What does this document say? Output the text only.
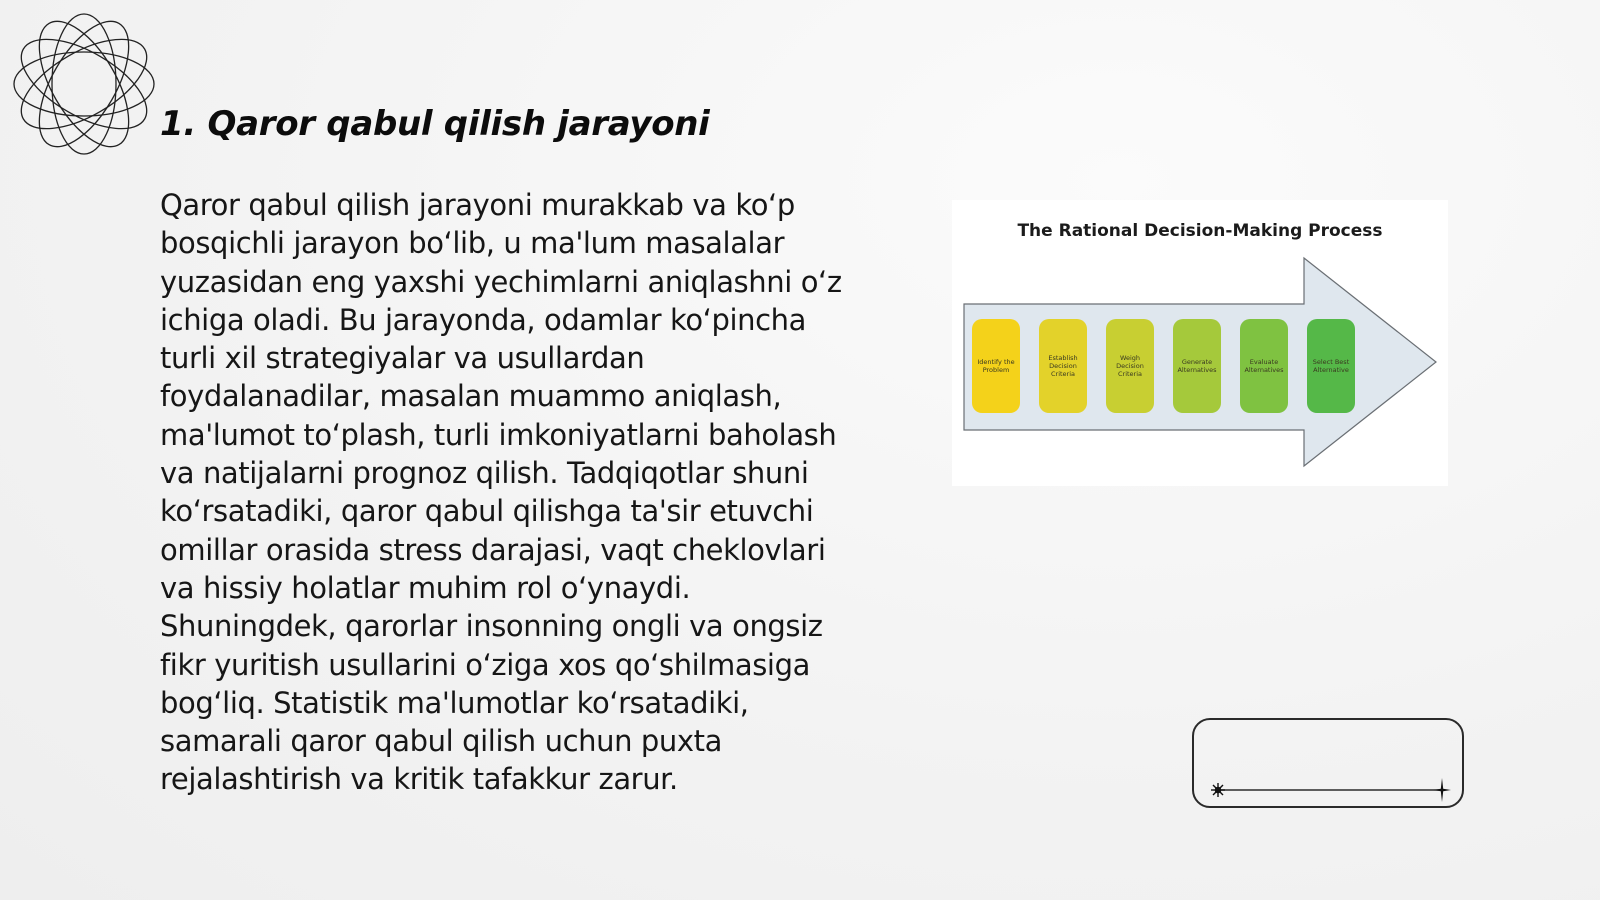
1. Qaror qabul qilish jarayoni

Qaror qabul qilish jarayoni murakkab va ko‘p bosqichli jarayon bo‘lib, u ma'lum masalalar yuzasidan eng yaxshi yechimlarni aniqlashni o‘z ichiga oladi. Bu jarayonda, odamlar ko‘pincha turli xil strategiyalar va usullardan foydalanadilar, masalan muammo aniqlash, ma'lumot to‘plash, turli imkoniyatlarni baholash va natijalarni prognoz qilish. Tadqiqotlar shuni ko‘rsatadiki, qaror qabul qilishga ta'sir etuvchi omillar orasida stress darajasi, vaqt cheklovlari va hissiy holatlar muhim rol o‘ynaydi. Shuningdek, qarorlar insonning ongli va ongsiz fikr yuritish usullarini o‘ziga xos qo‘shilmasiga bog‘liq. Statistik ma'lumotlar ko‘rsatadiki, samarali qaror qabul qilish uchun puxta rejalashtirish va kritik tafakkur zarur.

The Rational Decision-Making Process
Identify the
Problem
Establish
Decision
Criteria
Weigh
Decision
Criteria
Generate
Alternatives
Evaluate
Alternatives
Select Best
Alternative
